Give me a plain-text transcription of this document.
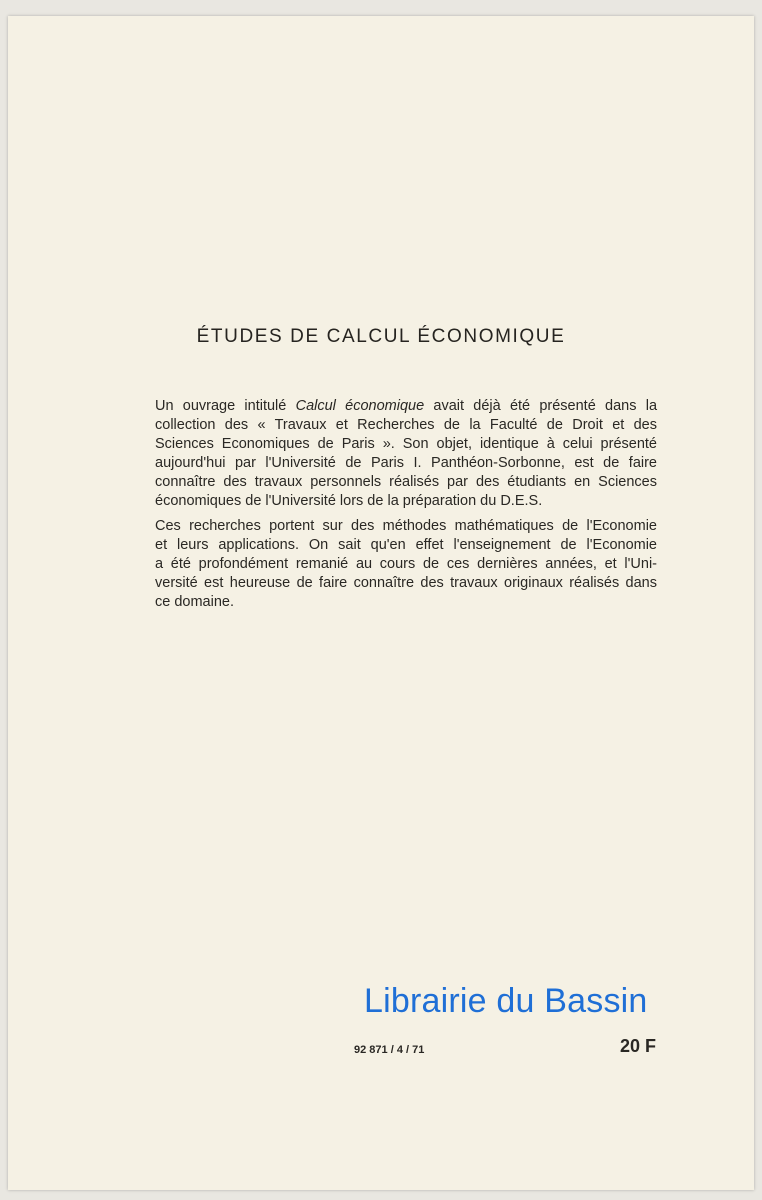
ÉTUDES DE CALCUL ÉCONOMIQUE
Un ouvrage intitulé Calcul économique avait déjà été présenté dans la
collection des « Travaux et Recherches de la Faculté de Droit et des
Sciences Economiques de Paris ». Son objet, identique à celui présenté
aujourd'hui par l'Université de Paris I. Panthéon-Sorbonne, est de faire
connaître des travaux personnels réalisés par des étudiants en Sciences
économiques de l'Université lors de la préparation du D.E.S.
Ces recherches portent sur des méthodes mathématiques de l'Economie
et leurs applications. On sait qu'en effet l'enseignement de l'Economie
a été profondément remanié au cours de ces dernières années, et l'Uni-
versité est heureuse de faire connaître des travaux originaux réalisés dans
ce domaine.
92 871 / 4 / 71	20 F
Librairie du Bassin
